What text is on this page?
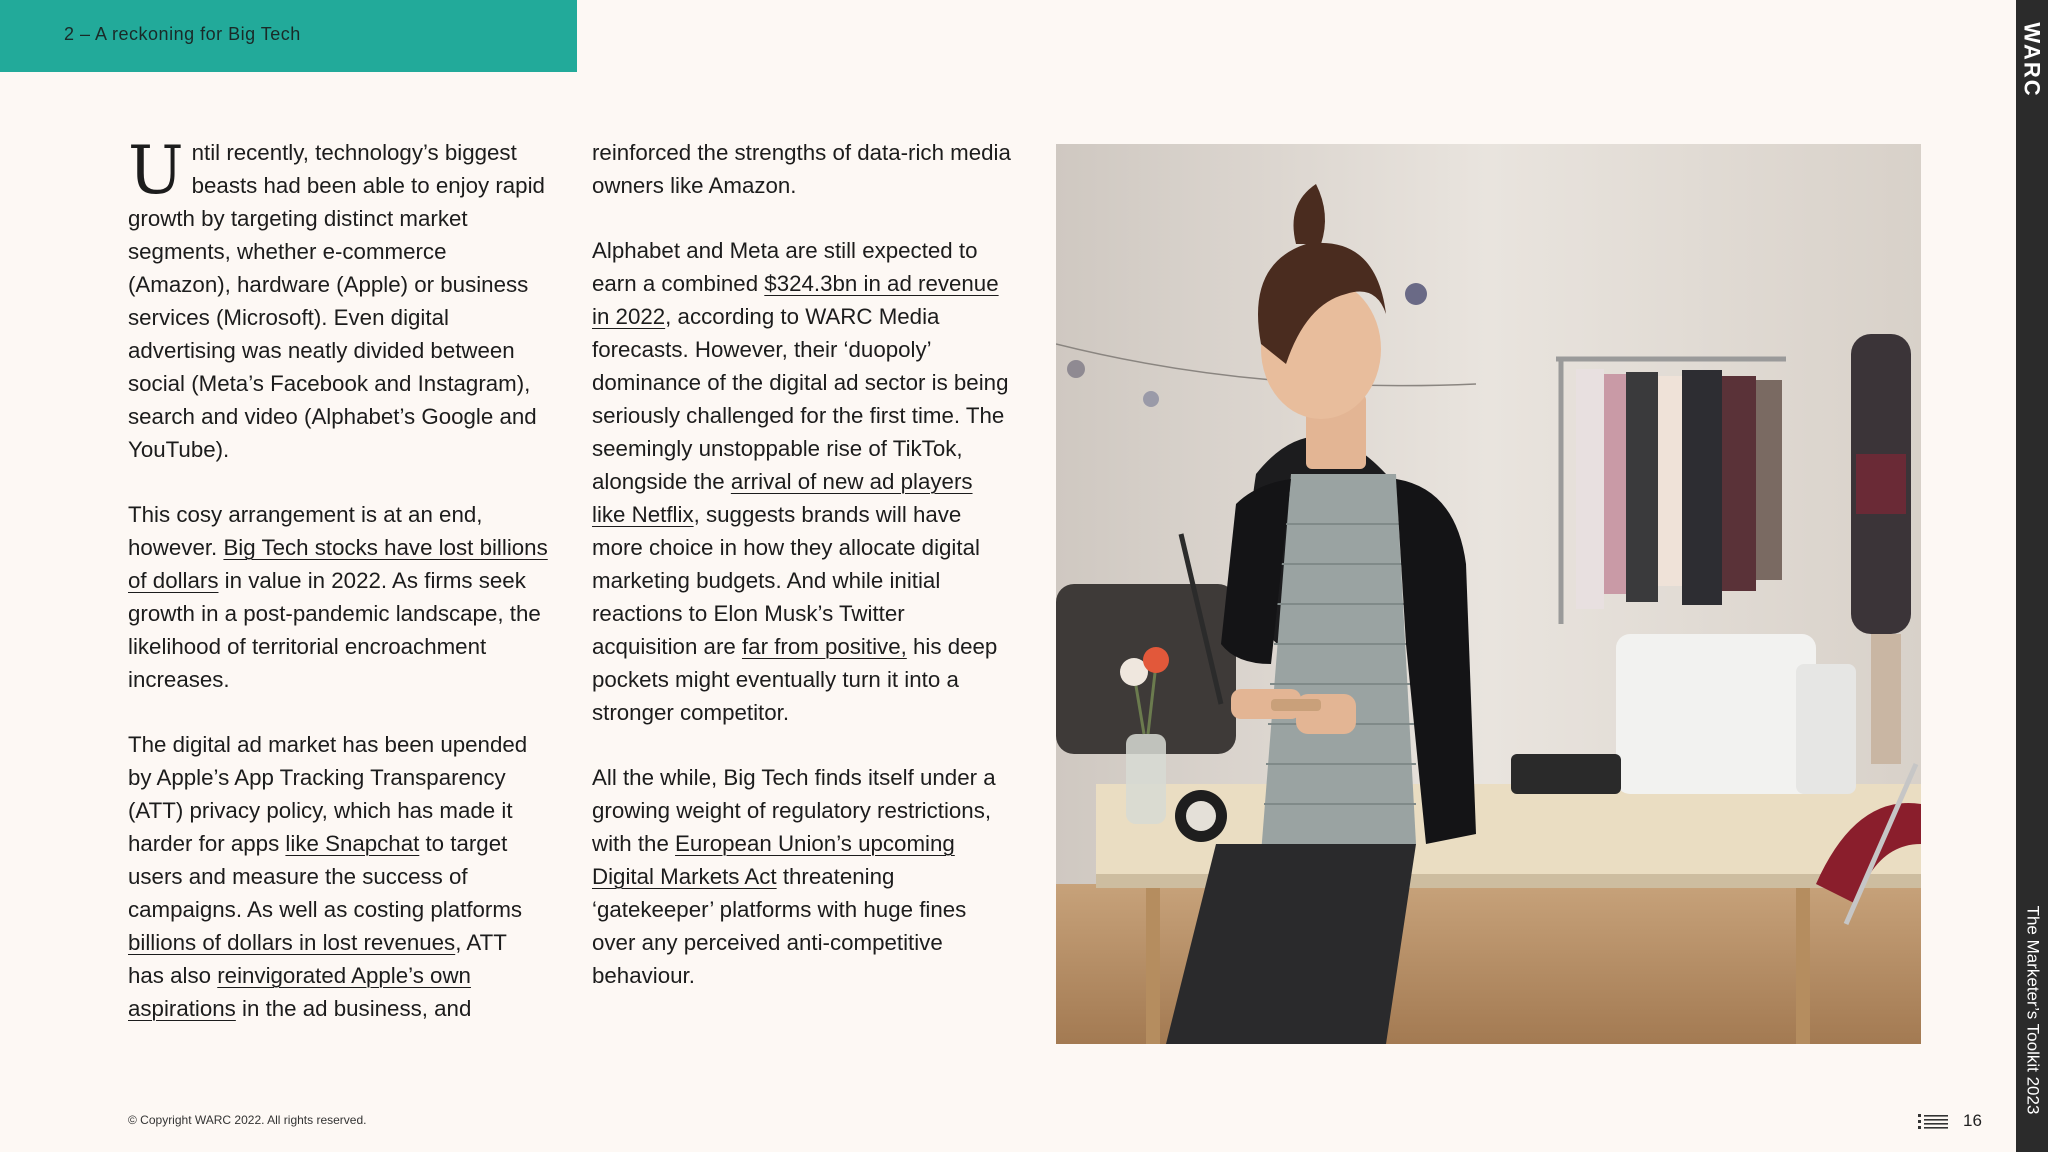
2 – A reckoning for Big Tech

Until recently, technology’s biggest beasts had been able to enjoy rapid growth by targeting distinct market segments, whether e-commerce (Amazon), hardware (Apple) or business services (Microsoft). Even digital advertising was neatly divided between social (Meta’s Facebook and Instagram), search and video (Alphabet’s Google and YouTube).

This cosy arrangement is at an end, however. Big Tech stocks have lost billions of dollars in value in 2022. As firms seek growth in a post-pandemic landscape, the likelihood of territorial encroachment increases.

The digital ad market has been upended by Apple’s App Tracking Transparency (ATT) privacy policy, which has made it harder for apps like Snapchat to target users and measure the success of campaigns. As well as costing platforms billions of dollars in lost revenues, ATT has also reinvigorated Apple’s own aspirations in the ad business, and

reinforced the strengths of data-rich media owners like Amazon.

Alphabet and Meta are still expected to earn a combined $324.3bn in ad revenue in 2022, according to WARC Media forecasts. However, their ‘duopoly’ dominance of the digital ad sector is being seriously challenged for the first time. The seemingly unstoppable rise of TikTok, alongside the arrival of new ad players like Netflix, suggests brands will have more choice in how they allocate digital marketing budgets. And while initial reactions to Elon Musk’s Twitter acquisition are far from positive, his deep pockets might eventually turn it into a stronger competitor.

All the while, Big Tech finds itself under a growing weight of regulatory restrictions, with the European Union’s upcoming Digital Markets Act threatening ‘gatekeeper’ platforms with huge fines over any perceived anti-competitive behaviour.

WARC
The Marketer’s Toolkit 2023
© Copyright WARC 2022. All rights reserved.	16
